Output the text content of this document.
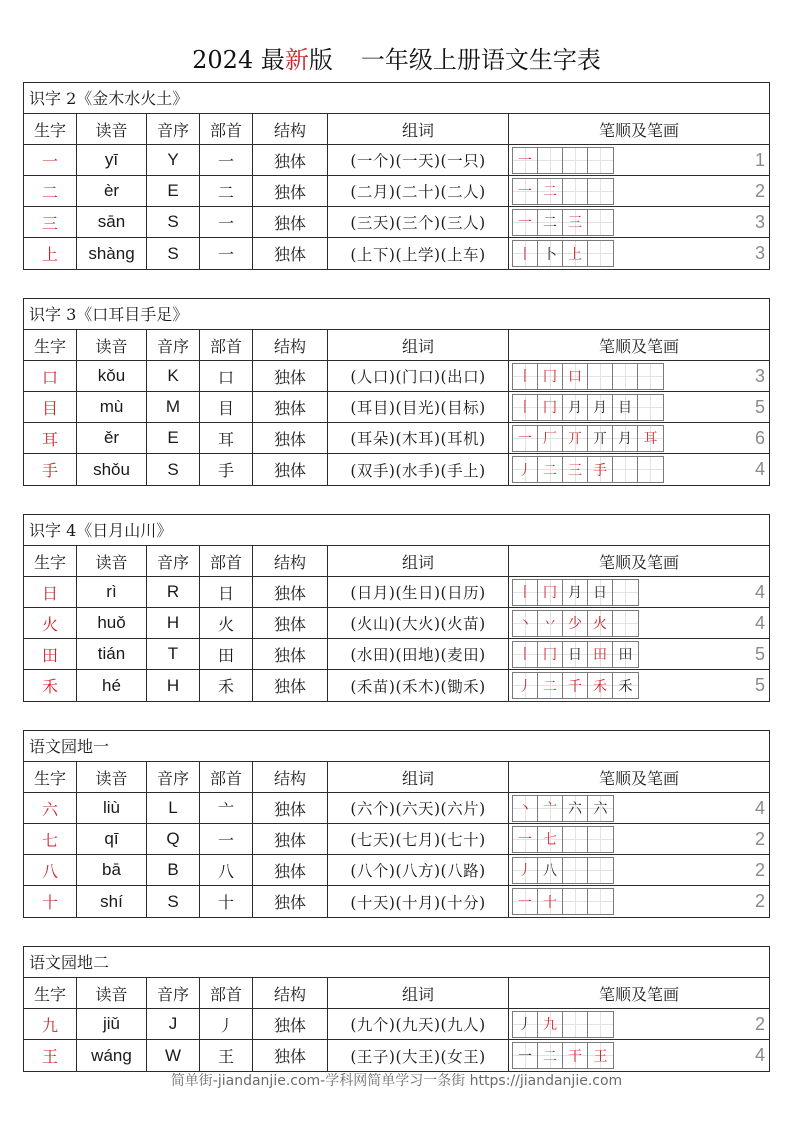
2024 最新版 一年级上册语文生字表
识字 2《金木水火土》
生字	读音	音序	部首	结构	组词	笔顺及笔画
一	yī	Y 一 独体	(一个)(一天)(一只)	一	1
二	èr	E 二 独体	(二月)(二十)(二人)	一 二	2
三 sān S 一 独体	(三天)(三个)(三人)	一 二 三	3
上 shàng S 一 独体	(上下)(上学)(上车)	丨 卜 上	3
识字 3《口耳目手足》
生字	读音	音序	部首	结构	组词	笔顺及笔画
口 kǒu K 口 独体	(人口)(门口)(出口)	丨 冂 口	3
目 mù	M 目 独体	(耳目)(目光)(目标)	丨 冂 月 月 目	5
耳	ěr	E 耳 独体	(耳朵)(木耳)(耳机)	一 厂 丌 丌 月 耳	6
手 shǒu S 手 独体	(双手)(水手)(手上)	丿 二 三 手	4
识字 4《日月山川》
生字	读音	音序	部首	结构	组词	笔顺及笔画
日	rì	R 日 独体	(日月)(生日)(日历)	丨 冂 月 日	4
火 huǒ H 火 独体	(火山)(大火)(火苗)	丶 丷 少 火	4
田 tián	T 田 独体	(水田)(田地)(麦田)	丨 冂 日 田 田	5
禾	hé	H 禾 独体	(禾苗)(禾木)(锄禾)	丿 二 千 禾 禾	5
语文园地一
生字	读音	音序	部首	结构	组词	笔顺及笔画
六	liù	L	亠 独体	(六个)(六天)(六片)	丶 亠 六 六	4
七	qī	Q 一 独体	(七天)(七月)(七十)	一 七	2
八	bā	B 八 独体	(八个)(八方)(八路)	丿 八	2
十 shí	S 十 独体	(十天)(十月)(十分)	一 十	2
语文园地二
生字	读音	音序	部首	结构	组词	笔顺及笔画
九	jiǔ	J	丿 独体	(九个)(九天)(九人)	丿 九	2
王 wáng W 王 独体	(王子)(大王)(女王)	一 二 干 王	4
简单街-jiandanjie.com-学科网简单学习一条街 https://jiandanjie.com
